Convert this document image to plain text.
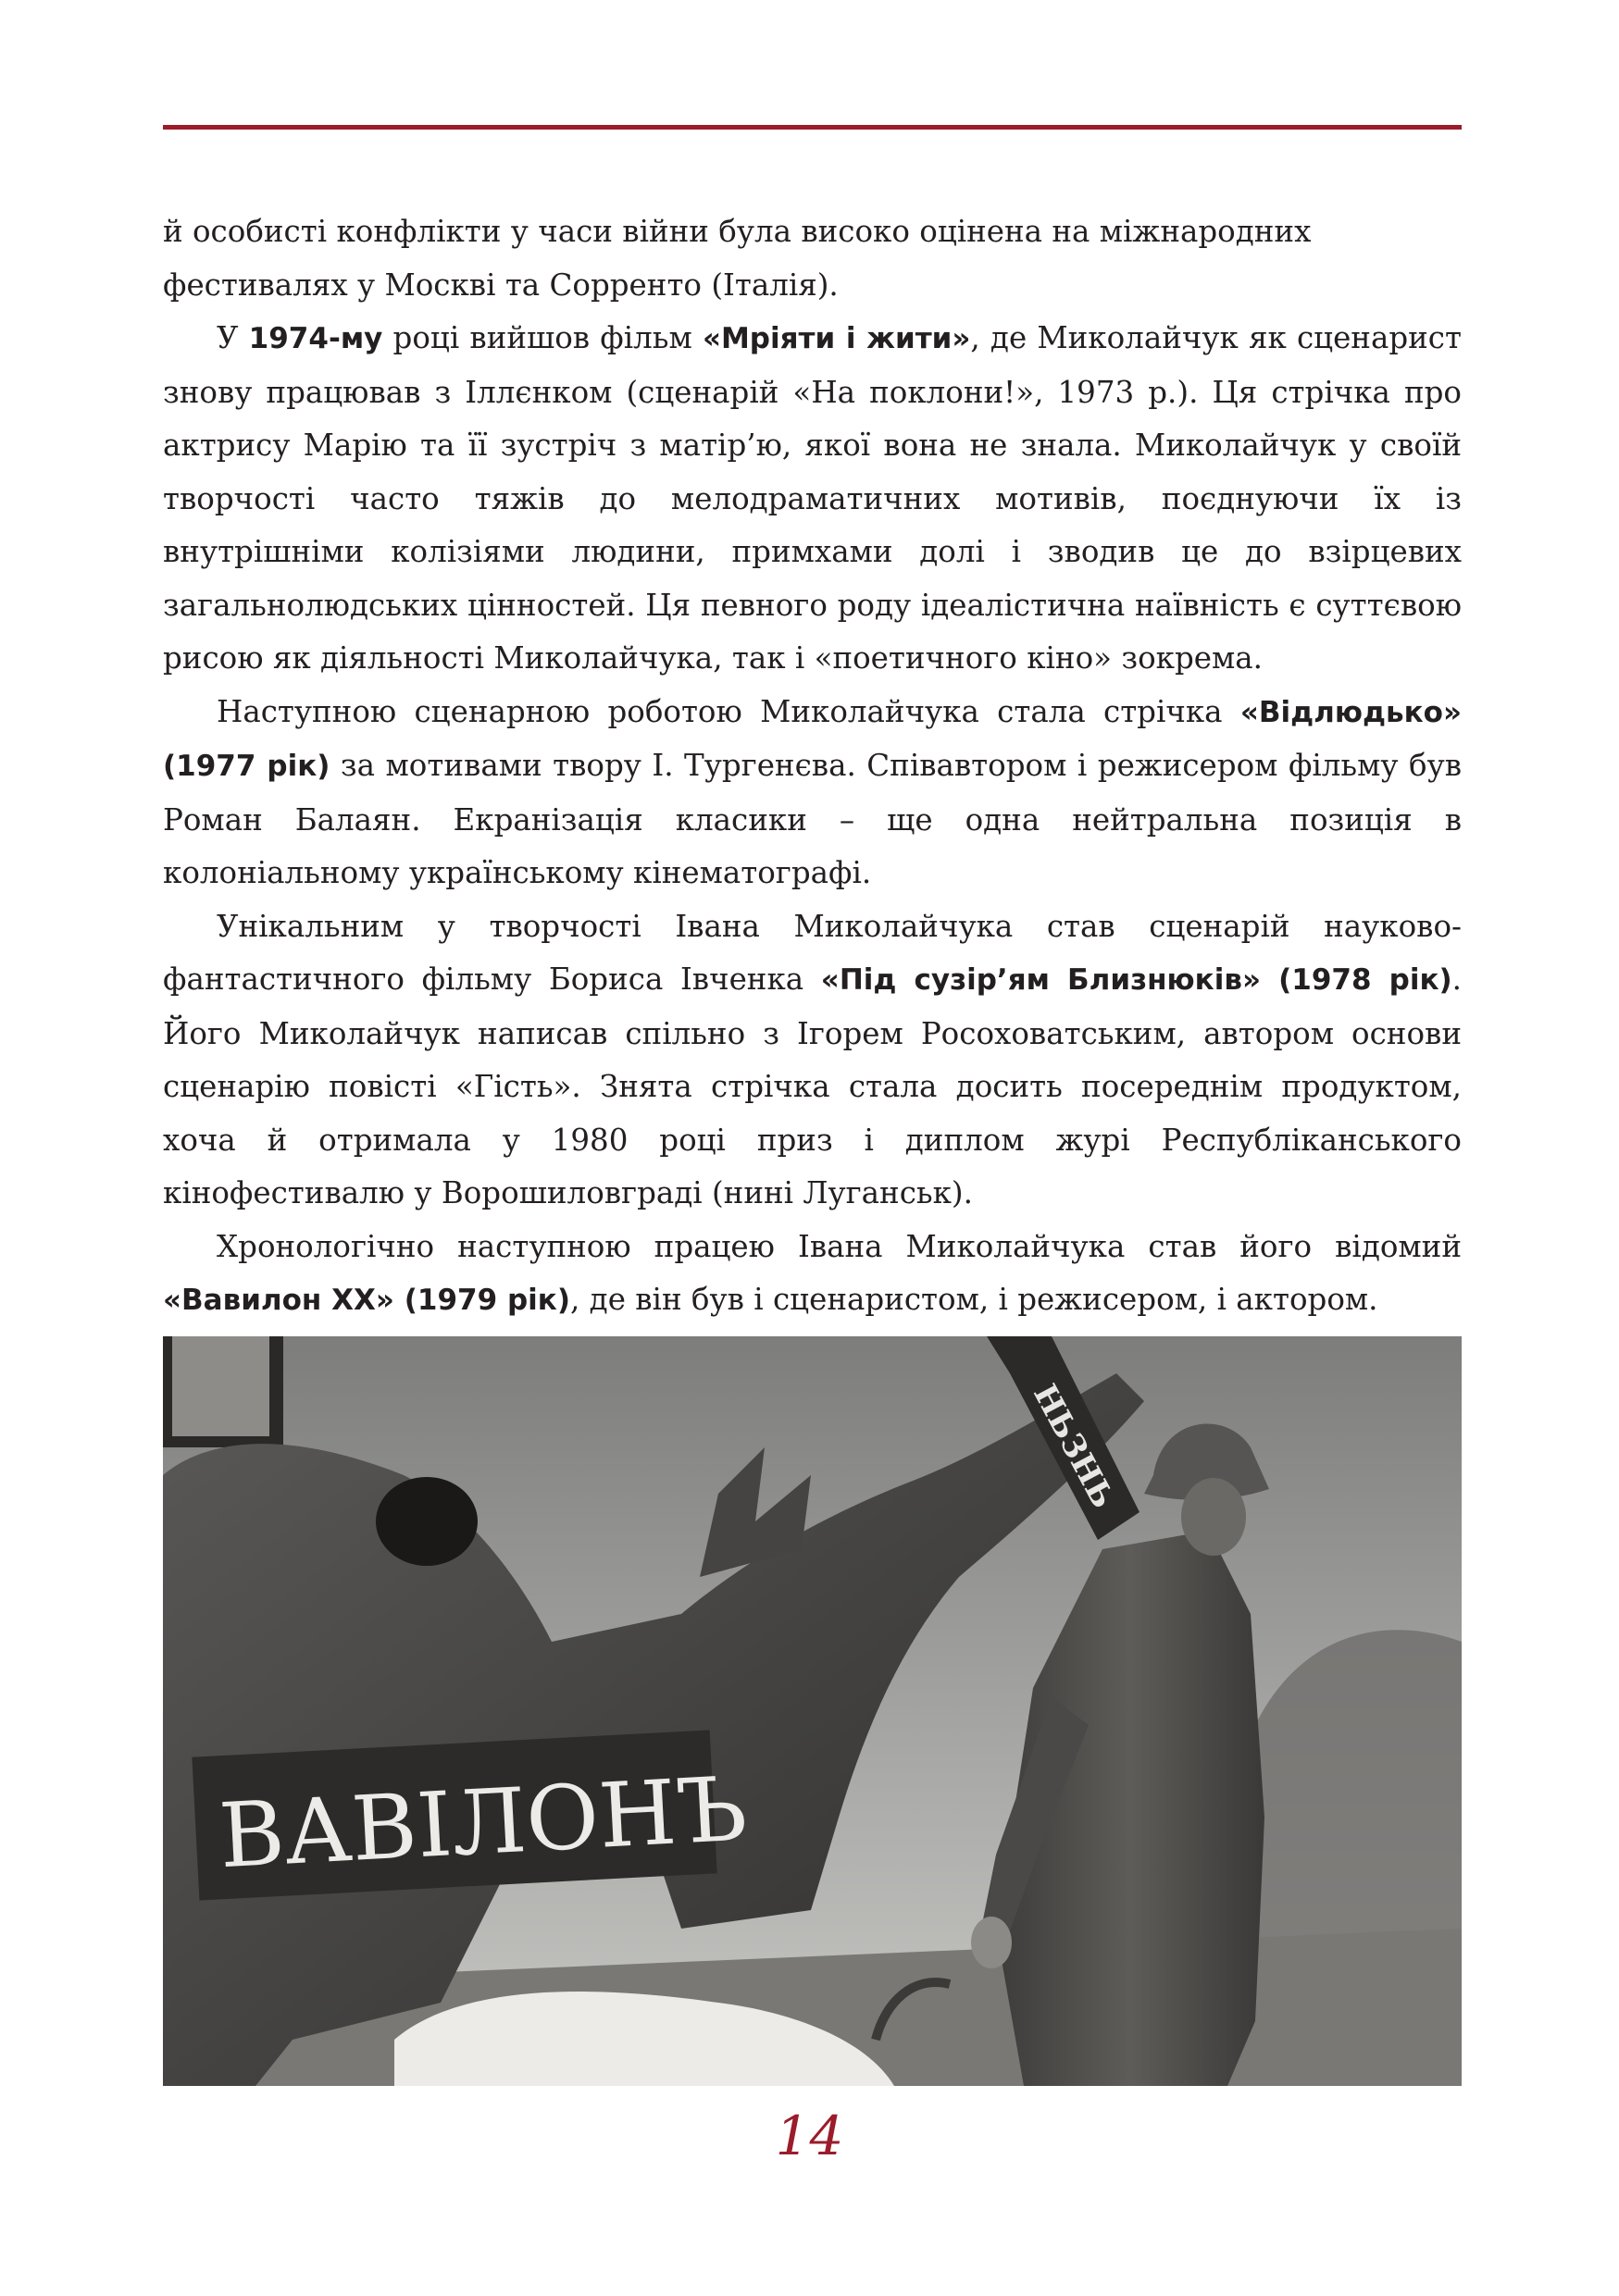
й особисті конфлікти у часи війни була високо оцінена на міжнародних фестивалях у Москві та Сорренто (Італія).

У 1974-му році вийшов фільм «Мріяти і жити», де Миколайчук як сценарист знову працював з Іллєнком (сценарій «На поклони!», 1973 р.). Ця стрічка про актрису Марію та її зустріч з матір’ю, якої вона не знала. Миколайчук у своїй творчості часто тяжів до мелодраматичних мотивів, поєднуючи їх із внутрішніми колізіями людини, примхами долі і зводив це до взірцевих загальнолюдських цінностей. Ця певного роду ідеалістична наївність є суттєвою рисою як діяльності Миколайчука, так і «поетичного кіно» зокрема.

Наступною сценарною роботою Миколайчука стала стрічка «Відлюдько» (1977 рік) за мотивами твору І. Тургенєва. Співавтором і режисером фільму був Роман Балаян. Екранізація класики – ще одна нейтральна позиція в колоніальному українському кінематографі.

Унікальним у творчості Івана Миколайчука став сценарій науково-фантастичного фільму Бориса Івченка «Під сузір’ям Близнюків» (1978 рік). Його Миколайчук написав спільно з Ігорем Росоховатським, автором основи сценарію повісті «Гість». Знята стрічка стала досить посереднім продуктом, хоча й отримала у 1980 році приз і диплом журі Республіканського кінофестивалю у Ворошиловграді (нині Луганськ).

Хронологічно наступною працею Івана Миколайчука став його відомий «Вавилон ХХ» (1979 рік), де він був і сценаристом, і режисером, і актором.

НЬЗНЬ
ВАВІЛОНЪ
14
